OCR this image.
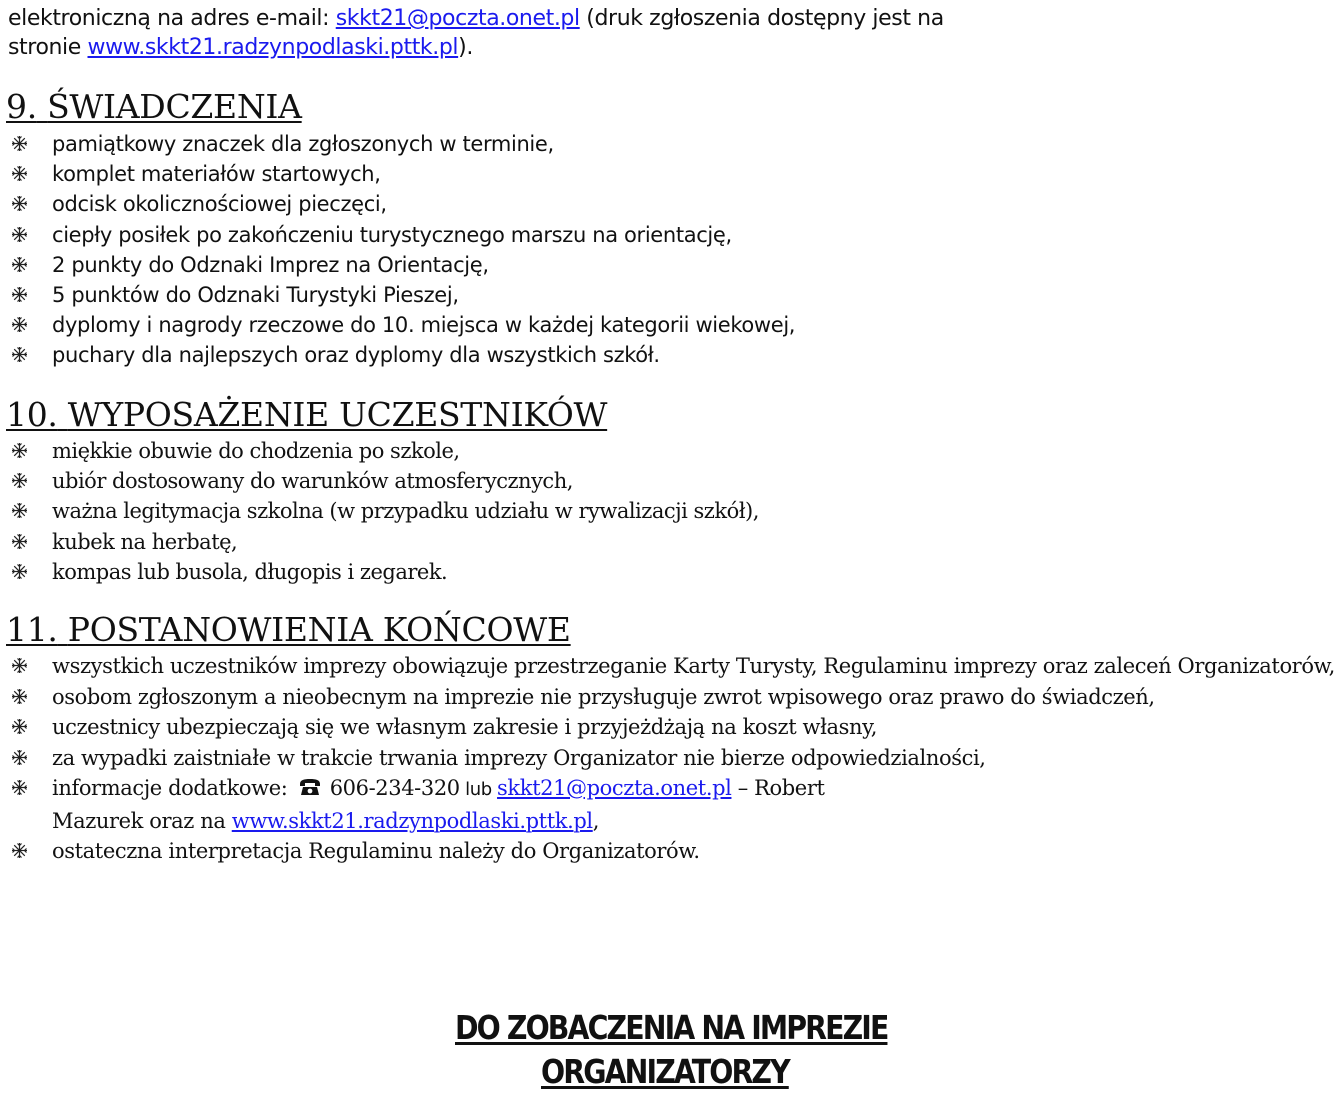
elektroniczną na adres e-mail: skkt21@poczta.onet.pl (druk zgłoszenia dostępny jest na stronie www.skkt21.radzynpodlaski.pttk.pl).
9. ŚWIADCZENIA
pamiątkowy znaczek dla zgłoszonych w terminie,
komplet materiałów startowych,
odcisk okolicznościowej pieczęci,
ciepły posiłek po zakończeniu turystycznego marszu na orientację,
2 punkty do Odznaki Imprez na Orientację,
5 punktów do Odznaki Turystyki Pieszej,
dyplomy i nagrody rzeczowe do 10. miejsca w każdej kategorii wiekowej,
puchary dla najlepszych oraz dyplomy dla wszystkich szkół.
10. WYPOSAŻENIE UCZESTNIKÓW
miękkie obuwie do chodzenia po szkole,
ubiór dostosowany do warunków atmosferycznych,
ważna legitymacja szkolna (w przypadku udziału w rywalizacji szkół),
kubek na herbatę,
kompas lub busola, długopis i zegarek.
11. POSTANOWIENIA KOŃCOWE
wszystkich uczestników imprezy obowiązuje przestrzeganie Karty Turysty, Regulaminu imprezy oraz zaleceń Organizatorów,
osobom zgłoszonym a nieobecnym na imprezie nie przysługuje zwrot wpisowego oraz prawo do świadczeń,
uczestnicy ubezpieczają się we własnym zakresie i przyjeżdżają na koszt własny,
za wypadki zaistniałe w trakcie trwania imprezy Organizator nie bierze odpowiedzialności,
informacje dodatkowe: 606-234-320 lub skkt21@poczta.onet.pl – Robert
Mazurek oraz na www.skkt21.radzynpodlaski.pttk.pl,
ostateczna interpretacja Regulaminu należy do Organizatorów.
DO ZOBACZENIA NA IMPREZIE
ORGANIZATORZY
